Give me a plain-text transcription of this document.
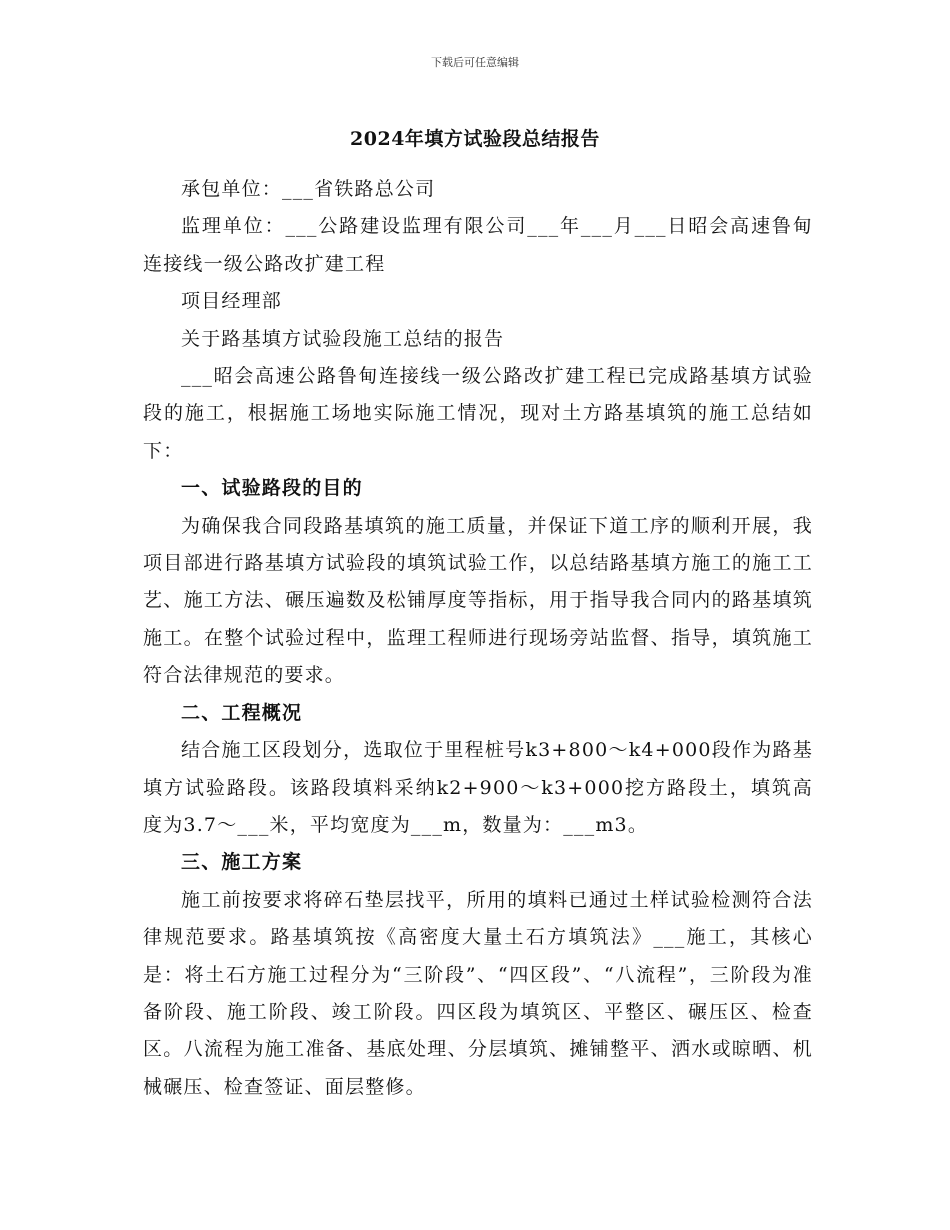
下载后可任意编辑
2024年填方试验段总结报告

承包单位：___省铁路总公司

监理单位：___公路建设监理有限公司___年___月___日昭会高速鲁甸连接线一级公路改扩建工程

项目经理部

关于路基填方试验段施工总结的报告

___昭会高速公路鲁甸连接线一级公路改扩建工程已完成路基填方试验段的施工，根据施工场地实际施工情况，现对土方路基填筑的施工总结如下：

一、试验路段的目的

为确保我合同段路基填筑的施工质量，并保证下道工序的顺利开展，我项目部进行路基填方试验段的填筑试验工作，以总结路基填方施工的施工工艺、施工方法、碾压遍数及松铺厚度等指标，用于指导我合同内的路基填筑施工。在整个试验过程中，监理工程师进行现场旁站监督、指导，填筑施工符合法律规范的要求。

二、工程概况

结合施工区段划分，选取位于里程桩号k3+800～k4+000段作为路基填方试验路段。该路段填料采纳k2+900～k3+000挖方路段土，填筑高度为3.7～___米，平均宽度为___m，数量为：___m3。

三、施工方案

施工前按要求将碎石垫层找平，所用的填料已通过土样试验检测符合法律规范要求。路基填筑按《高密度大量土石方填筑法》___施工，其核心是：将土石方施工过程分为“三阶段”、“四区段”、“八流程”，三阶段为准备阶段、施工阶段、竣工阶段。四区段为填筑区、平整区、碾压区、检查区。八流程为施工准备、基底处理、分层填筑、摊铺整平、洒水或晾晒、机械碾压、检查签证、面层整修。
